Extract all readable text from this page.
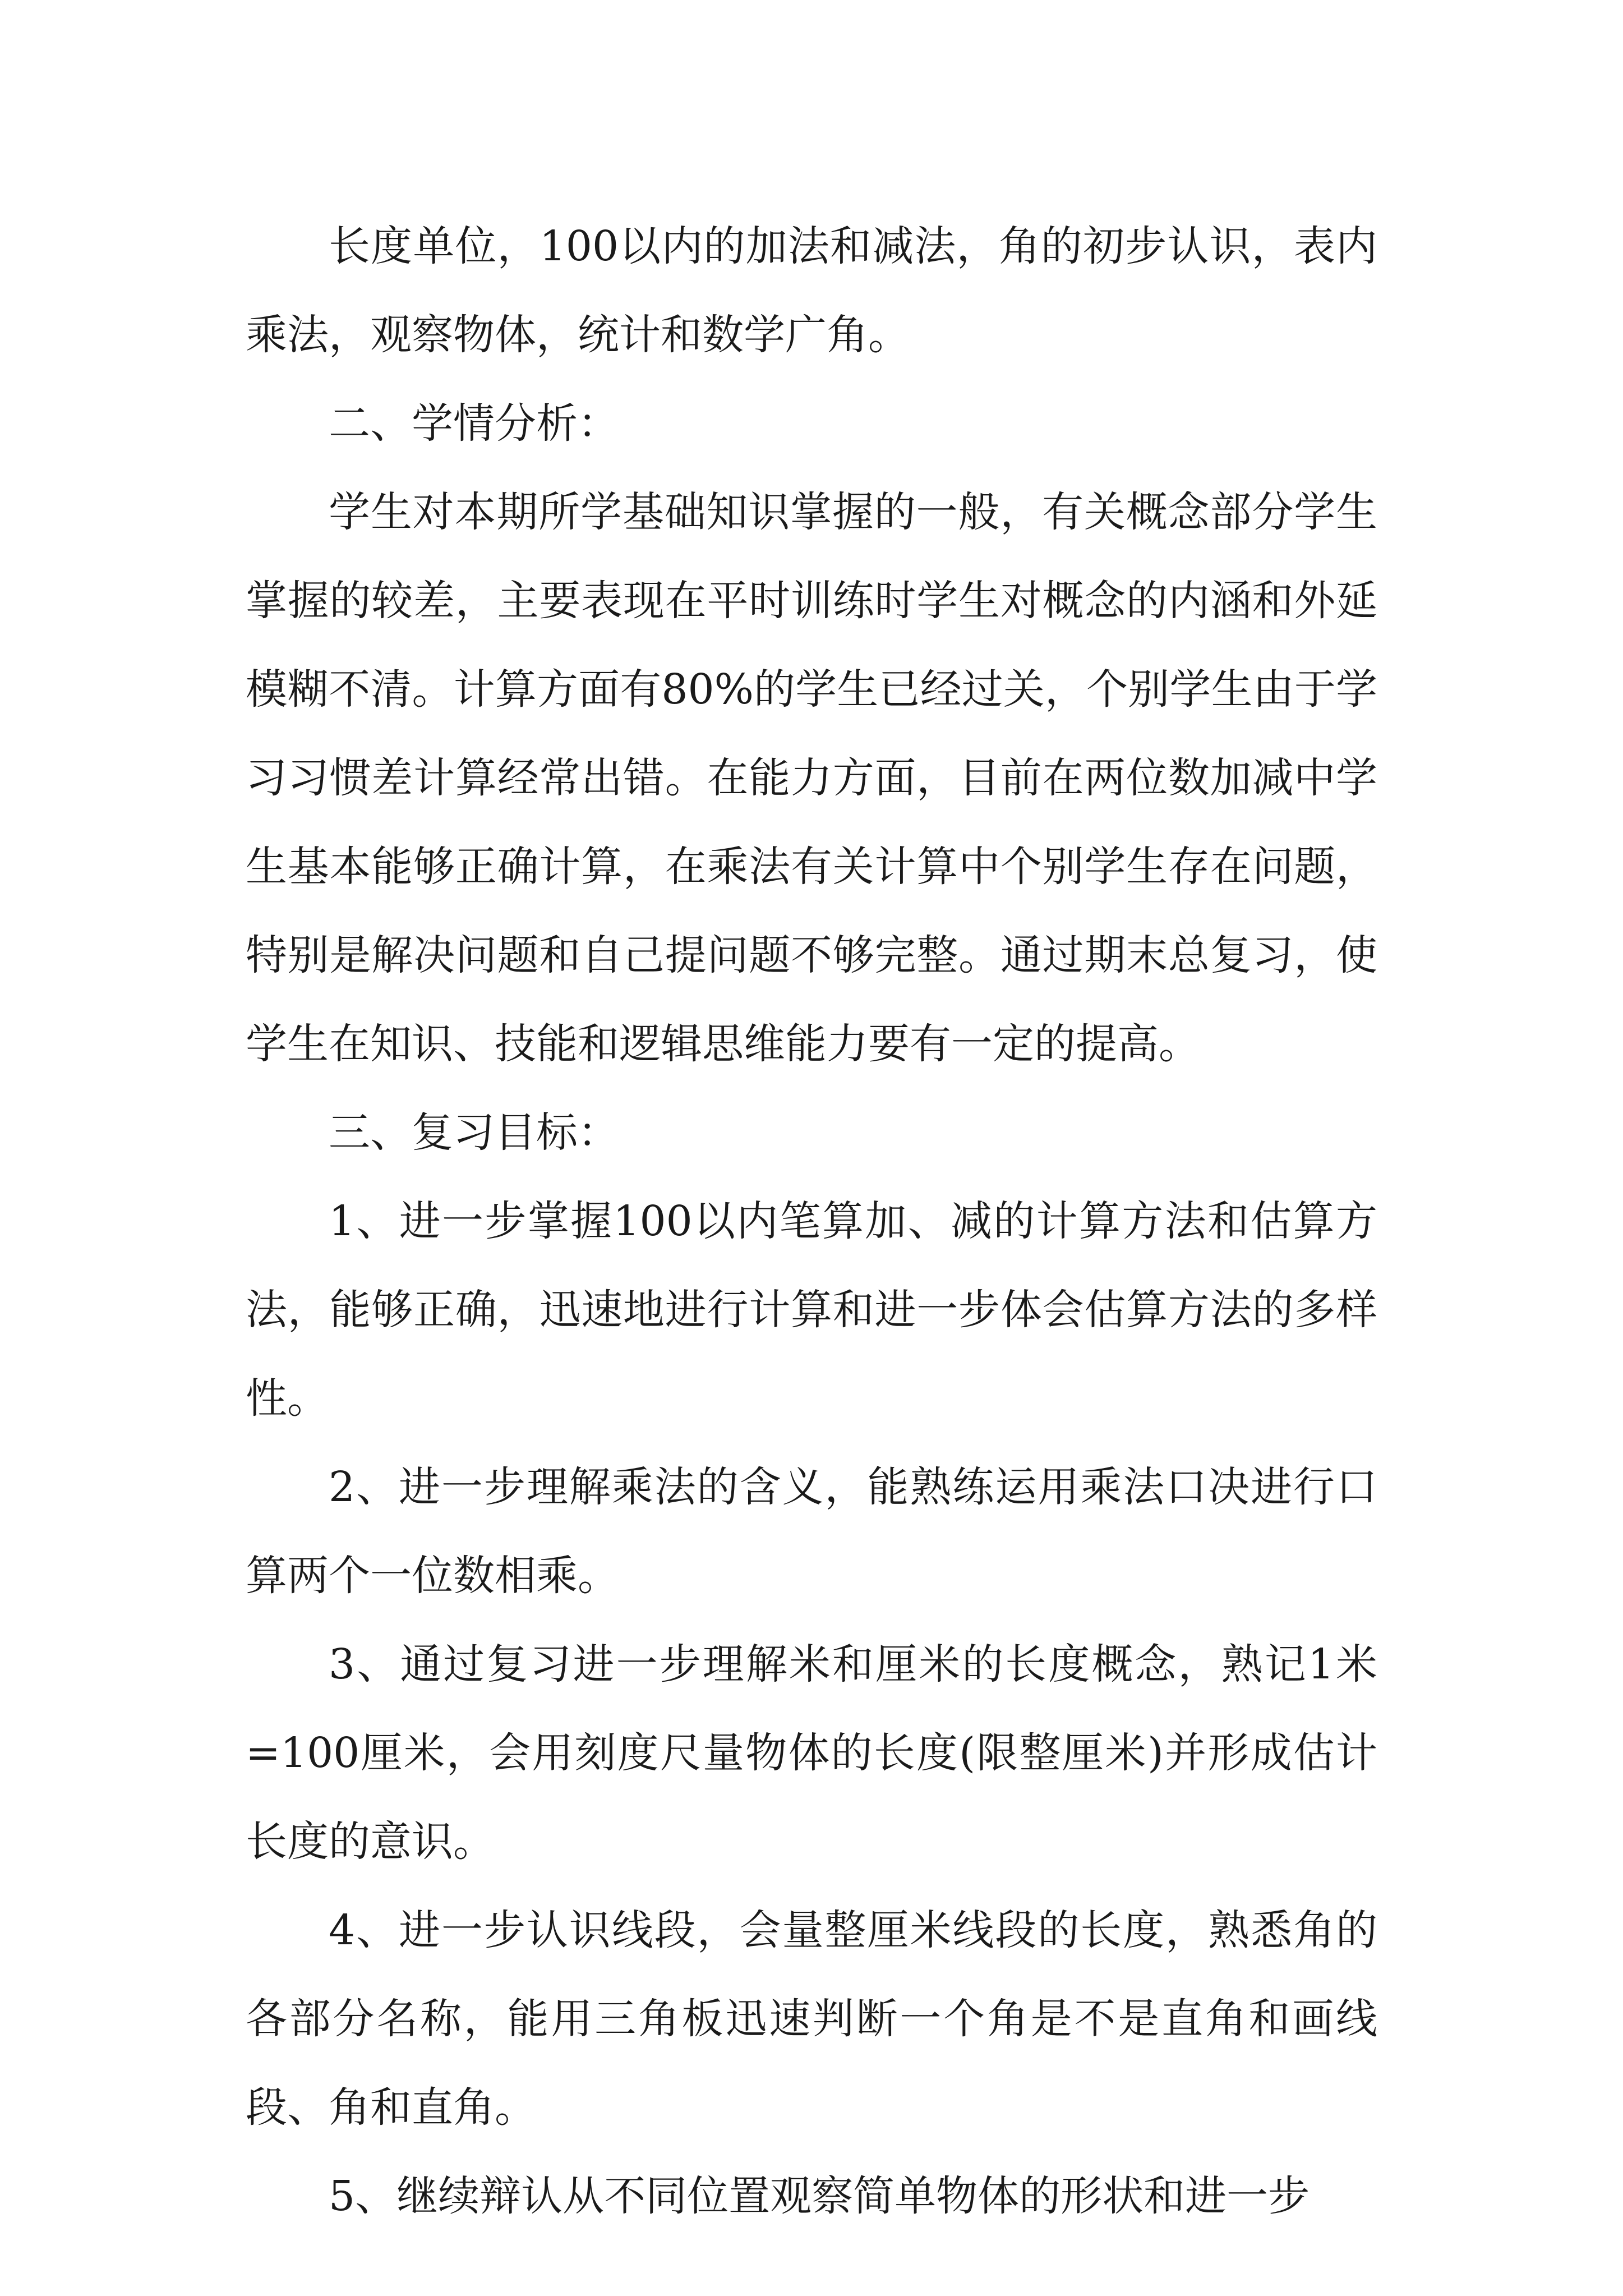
长度单位，100以内的加法和减法，角的初步认识，表内乘法，观察物体，统计和数学广角。

二、学情分析：

学生对本期所学基础知识掌握的一般，有关概念部分学生掌握的较差，主要表现在平时训练时学生对概念的内涵和外延模糊不清。计算方面有80%的学生已经过关，个别学生由于学习习惯差计算经常出错。在能力方面，目前在两位数加减中学生基本能够正确计算，在乘法有关计算中个别学生存在问题，特别是解决问题和自己提问题不够完整。通过期末总复习，使学生在知识、技能和逻辑思维能力要有一定的提高。

三、复习目标：

1、进一步掌握100以内笔算加、减的计算方法和估算方法，能够正确，迅速地进行计算和进一步体会估算方法的多样性。

2、进一步理解乘法的含义，能熟练运用乘法口决进行口算两个一位数相乘。

3、通过复习进一步理解米和厘米的长度概念，熟记1米=100厘米，会用刻度尺量物体的长度(限整厘米)并形成估计长度的意识。

4、进一步认识线段，会量整厘米线段的长度，熟悉角的各部分名称，能用三角板迅速判断一个角是不是直角和画线段、角和直角。

5、继续辩认从不同位置观察简单物体的形状和进一步
